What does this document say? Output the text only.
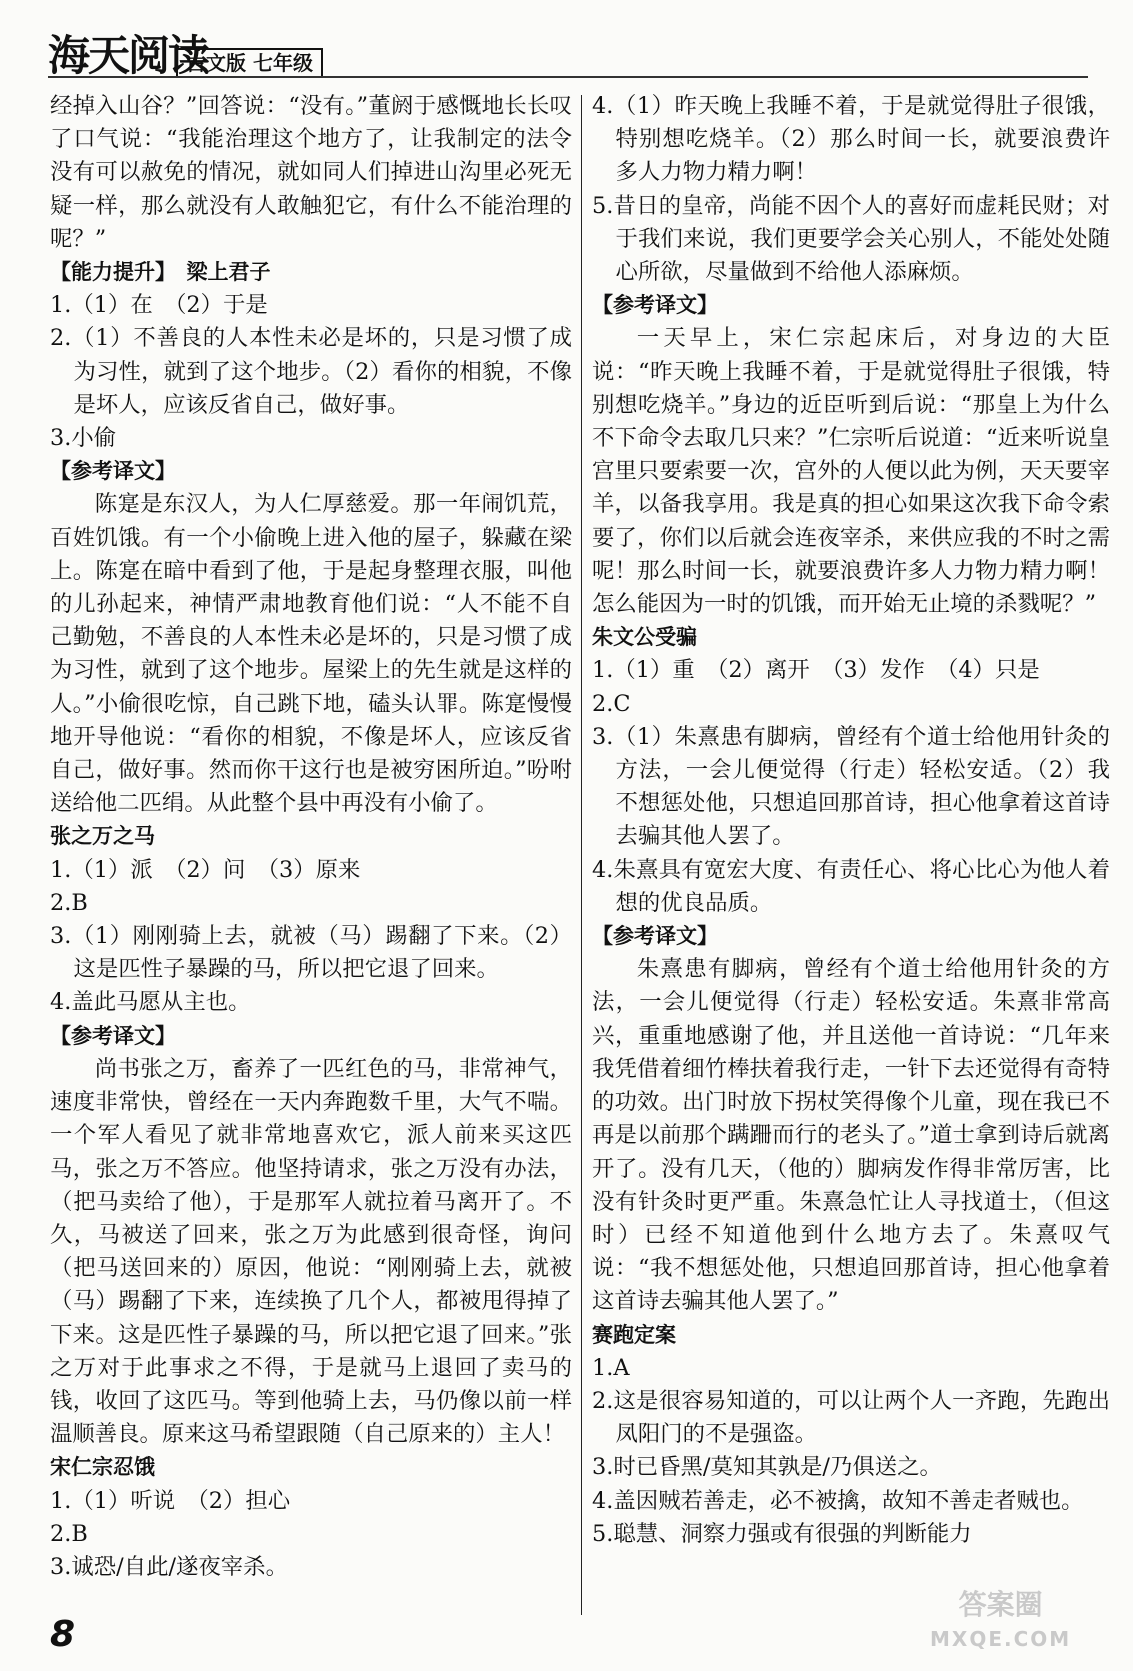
海天阅读
古文版 七年级

经掉入山谷？”回答说：“没有。”董阏于感慨地长长叹了口气说：“我能治理这个地方了，让我制定的法令没有可以赦免的情况，就如同人们掉进山沟里必死无疑一样，那么就没有人敢触犯它，有什么不能治理的呢？”

【能力提升】　梁上君子

1.（1）在　（2）于是

2.（1）不善良的人本性未必是坏的，只是习惯了成为习性，就到了这个地步。（2）看你的相貌，不像是坏人，应该反省自己，做好事。

3.小偷

【参考译文】

陈寔是东汉人，为人仁厚慈爱。那一年闹饥荒，百姓饥饿。有一个小偷晚上进入他的屋子，躲藏在梁上。陈寔在暗中看到了他，于是起身整理衣服，叫他的儿孙起来，神情严肃地教育他们说：“人不能不自己勤勉，不善良的人本性未必是坏的，只是习惯了成为习性，就到了这个地步。屋梁上的先生就是这样的人。”小偷很吃惊，自己跳下地，磕头认罪。陈寔慢慢地开导他说：“看你的相貌，不像是坏人，应该反省自己，做好事。然而你干这行也是被穷困所迫。”吩咐送给他二匹绢。从此整个县中再没有小偷了。

张之万之马

1.（1）派　（2）问　（3）原来

2.B

3.（1）刚刚骑上去，就被（马）踢翻了下来。（2）这是匹性子暴躁的马，所以把它退了回来。

4.盖此马愿从主也。

【参考译文】

尚书张之万，畜养了一匹红色的马，非常神气，速度非常快，曾经在一天内奔跑数千里，大气不喘。一个军人看见了就非常地喜欢它，派人前来买这匹马，张之万不答应。他坚持请求，张之万没有办法，（把马卖给了他），于是那军人就拉着马离开了。不久，马被送了回来，张之万为此感到很奇怪，询问（把马送回来的）原因，他说：“刚刚骑上去，就被（马）踢翻了下来，连续换了几个人，都被甩得掉了下来。这是匹性子暴躁的马，所以把它退了回来。”张之万对于此事求之不得，于是就马上退回了卖马的钱，收回了这匹马。等到他骑上去，马仍像以前一样温顺善良。原来这马希望跟随（自己原来的）主人！

宋仁宗忍饿

1.（1）听说　（2）担心

2.B

3.诚恐/自此/遂夜宰杀。

4.（1）昨天晚上我睡不着，于是就觉得肚子很饿，特别想吃烧羊。（2）那么时间一长，就要浪费许多人力物力精力啊！

5.昔日的皇帝，尚能不因个人的喜好而虚耗民财；对于我们来说，我们更要学会关心别人，不能处处随心所欲，尽量做到不给他人添麻烦。

【参考译文】

一天早上，宋仁宗起床后，对身边的大臣说：“昨天晚上我睡不着，于是就觉得肚子很饿，特别想吃烧羊。”身边的近臣听到后说：“那皇上为什么不下命令去取几只来？”仁宗听后说道：“近来听说皇宫里只要索要一次，宫外的人便以此为例，天天要宰羊，以备我享用。我是真的担心如果这次我下命令索要了，你们以后就会连夜宰杀，来供应我的不时之需呢！那么时间一长，就要浪费许多人力物力精力啊！怎么能因为一时的饥饿，而开始无止境的杀戮呢？”

朱文公受骗

1.（1）重　（2）离开　（3）发作　（4）只是

2.C

3.（1）朱熹患有脚病，曾经有个道士给他用针灸的方法，一会儿便觉得（行走）轻松安适。（2）我不想惩处他，只想追回那首诗，担心他拿着这首诗去骗其他人罢了。

4.朱熹具有宽宏大度、有责任心、将心比心为他人着想的优良品质。

【参考译文】

朱熹患有脚病，曾经有个道士给他用针灸的方法，一会儿便觉得（行走）轻松安适。朱熹非常高兴，重重地感谢了他，并且送他一首诗说：“几年来我凭借着细竹棒扶着我行走，一针下去还觉得有奇特的功效。出门时放下拐杖笑得像个儿童，现在我已不再是以前那个蹒跚而行的老头了。”道士拿到诗后就离开了。没有几天，（他的）脚病发作得非常厉害，比没有针灸时更严重。朱熹急忙让人寻找道士，（但这时）已经不知道他到什么地方去了。朱熹叹气说：“我不想惩处他，只想追回那首诗，担心他拿着这首诗去骗其他人罢了。”

赛跑定案

1.A

2.这是很容易知道的，可以让两个人一齐跑，先跑出凤阳门的不是强盗。

3.时已昏黑/莫知其孰是/乃俱送之。

4.盖因贼若善走，必不被擒，故知不善走者贼也。

5.聪慧、洞察力强或有很强的判断能力

8
答案圈
MXQE.COM
